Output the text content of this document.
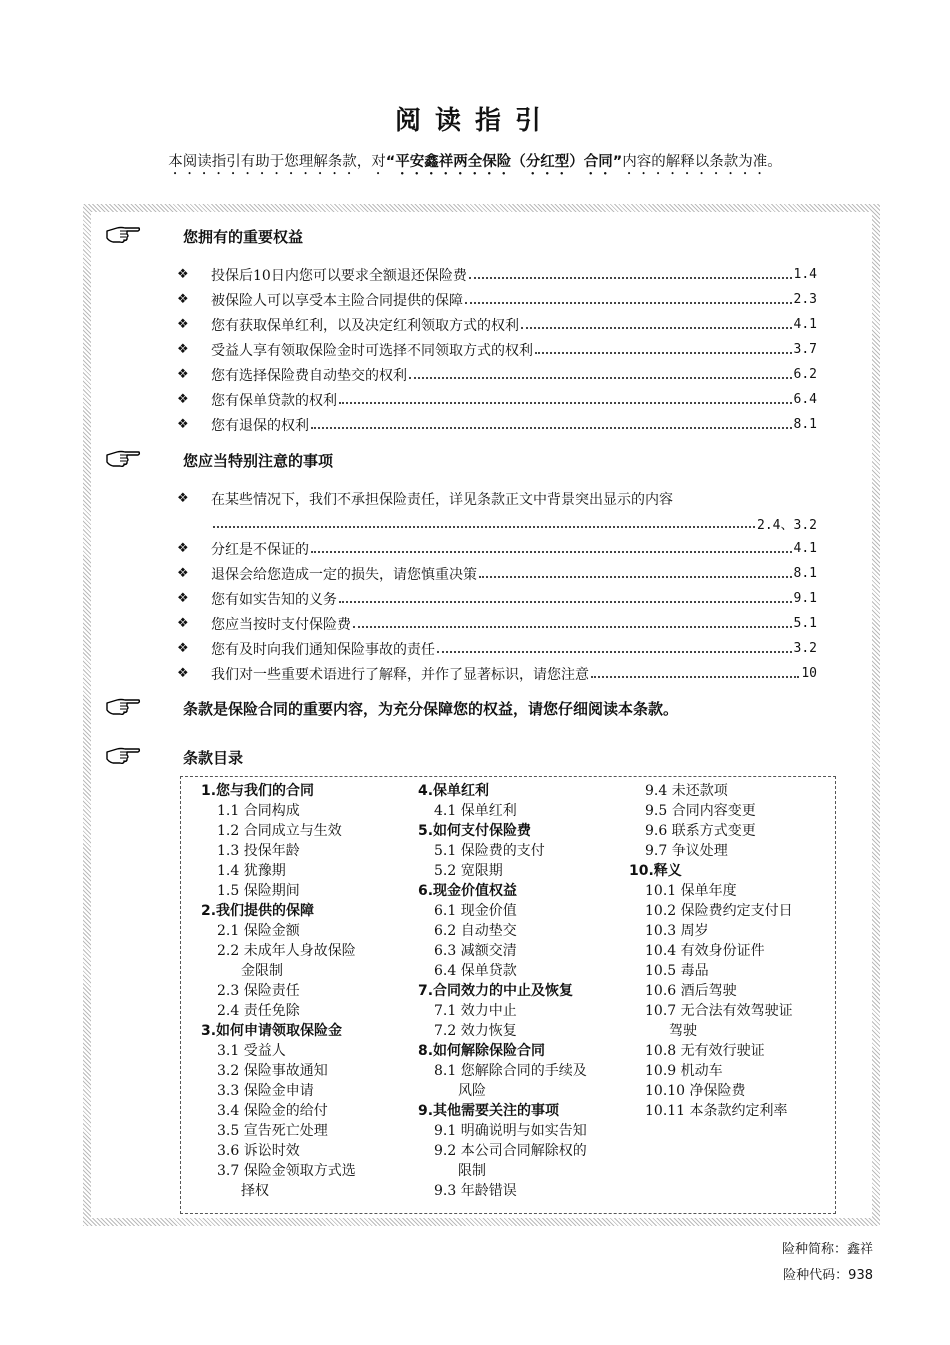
阅读指引
本阅读指引有助于您理解条款，对“平安鑫祥两全保险（分红型）合同”内容的解释以条款为准。
您拥有的重要权益
❖	投保后10日内您可以要求全额退还保险费	1.4
❖	被保险人可以享受本主险合同提供的保障	2.3
❖	您有获取保单红利，以及决定红利领取方式的权利	4.1
❖	受益人享有领取保险金时可选择不同领取方式的权利	3.7
❖	您有选择保险费自动垫交的权利	6.2
❖	您有保单贷款的权利	6.4
❖	您有退保的权利	8.1
您应当特别注意的事项
❖	在某些情况下，我们不承担保险责任，详见条款正文中背景突出显示的内容
2.4、3.2
❖	分红是不保证的	4.1
❖	退保会给您造成一定的损失，请您慎重决策	8.1
❖	您有如实告知的义务	9.1
❖	您应当按时支付保险费	5.1
❖	您有及时向我们通知保险事故的责任	3.2
❖	我们对一些重要术语进行了解释，并作了显著标识，请您注意	10
条款是保险合同的重要内容，为充分保障您的权益，请您仔细阅读本条款。
条款目录
1.您与我们的合同
1.1 合同构成
1.2 合同成立与生效
1.3 投保年龄
1.4 犹豫期
1.5 保险期间
2.我们提供的保障
2.1 保险金额
2.2 未成年人身故保险
金限制
2.3 保险责任
2.4 责任免除
3.如何申请领取保险金
3.1 受益人
3.2 保险事故通知
3.3 保险金申请
3.4 保险金的给付
3.5 宣告死亡处理
3.6 诉讼时效
3.7 保险金领取方式选
择权
4.保单红利
4.1 保单红利
5.如何支付保险费
5.1 保险费的支付
5.2 宽限期
6.现金价值权益
6.1 现金价值
6.2 自动垫交
6.3 减额交清
6.4 保单贷款
7.合同效力的中止及恢复
7.1 效力中止
7.2 效力恢复
8.如何解除保险合同
8.1 您解除合同的手续及
风险
9.其他需要关注的事项
9.1 明确说明与如实告知
9.2 本公司合同解除权的
限制
9.3 年龄错误
9.4 未还款项
9.5 合同内容变更
9.6 联系方式变更
9.7 争议处理
10.释义
10.1 保单年度
10.2 保险费约定支付日
10.3 周岁
10.4 有效身份证件
10.5 毒品
10.6 酒后驾驶
10.7 无合法有效驾驶证
驾驶
10.8 无有效行驶证
10.9 机动车
10.10 净保险费
10.11 本条款约定利率
险种简称：鑫祥
险种代码：938
